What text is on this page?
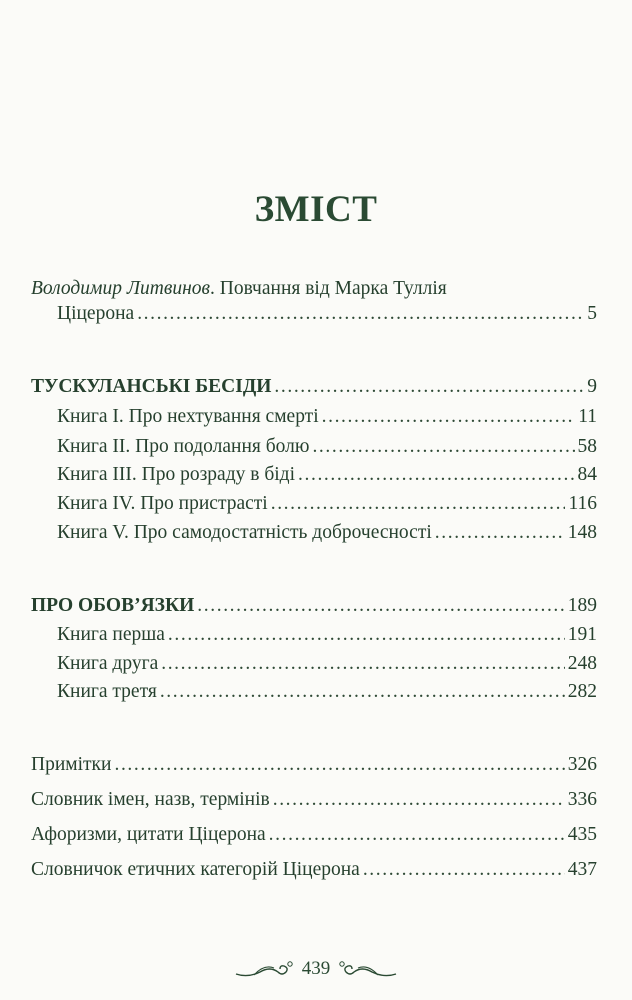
ЗМІСТ
Володимир Литвинов. Повчання від Марка Туллія
Ціцерона .....	5
ТУСКУЛАНСЬКІ БЕСІДИ .....	9
Книга I. Про нехтування смерті .....	11
Книга II. Про подолання болю .....	58
Книга III. Про розраду в біді .....	84
Книга IV. Про пристрасті .....	116
Книга V. Про самодостатність доброчесності .....	148
ПРО ОБОВ’ЯЗКИ .....	189
Книга перша .....	191
Книга друга .....	248
Книга третя .....	282
Примітки .....	326
Словник імен, назв, термінів .....	336
Афоризми, цитати Ціцерона .....	435
Словничок етичних категорій Ціцерона .....	437
439
